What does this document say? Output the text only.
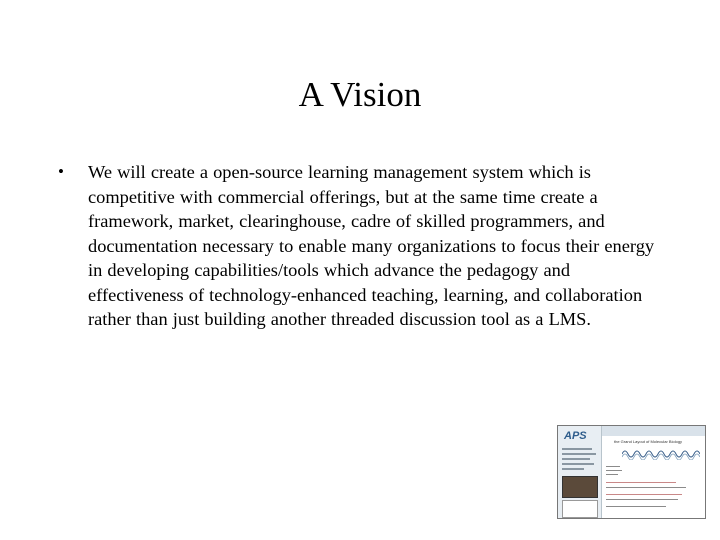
A Vision
•	We will create a open-source learning management system which is competitive with commercial offerings, but at the same time create a framework, market, clearinghouse, cadre of skilled programmers, and documentation necessary to enable many organizations to focus their energy in developing capabilities/tools which advance the pedagogy and effectiveness of technology-enhanced teaching, learning, and collaboration rather than just building another threaded discussion tool as a LMS.
APS	the Grand Layout of Molecular Biology
